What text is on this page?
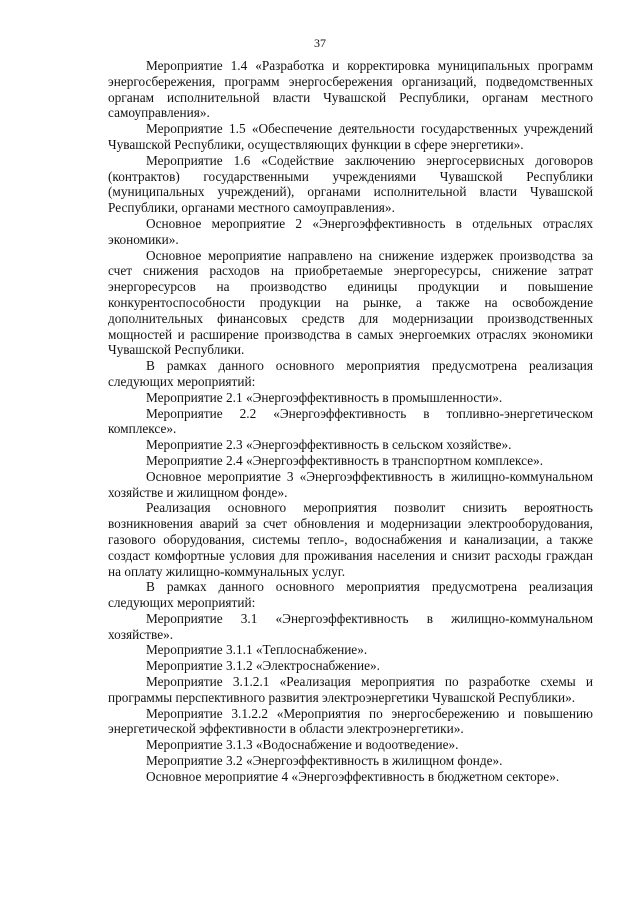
37

Мероприятие 1.4 «Разработка и корректировка муниципальных программ энергосбережения, программ энергосбережения организаций, подведомственных органам исполнительной власти Чувашской Республики, органам местного самоуправления».

Мероприятие 1.5 «Обеспечение деятельности государственных учреждений Чувашской Республики, осуществляющих функции в сфере энергетики».

Мероприятие 1.6 «Содействие заключению энергосервисных договоров (контрактов) государственными учреждениями Чувашской Республики (муниципальных учреждений), органами исполнительной власти Чувашской Республики, органами местного самоуправления».

Основное мероприятие 2 «Энергоэффективность в отдельных отраслях экономики».

Основное мероприятие направлено на снижение издержек производства за счет снижения расходов на приобретаемые энергоресурсы, снижение затрат энергоресурсов на производство единицы продукции и повышение конкурентоспособности продукции на рынке, а также на освобождение дополнительных финансовых средств для модернизации производственных мощностей и расширение производства в самых энергоемких отраслях экономики Чувашской Республики.

В рамках данного основного мероприятия предусмотрена реализация следующих мероприятий:

Мероприятие 2.1 «Энергоэффективность в промышленности».

Мероприятие 2.2 «Энергоэффективность в топливно-энергетическом комплексе».

Мероприятие 2.3 «Энергоэффективность в сельском хозяйстве».

Мероприятие 2.4 «Энергоэффективность в транспортном комплексе».

Основное мероприятие 3 «Энергоэффективность в жилищно-коммунальном хозяйстве и жилищном фонде».

Реализация основного мероприятия позволит снизить вероятность возникновения аварий за счет обновления и модернизации электрооборудования, газового оборудования, системы тепло-, водоснабжения и канализации, а также создаст комфортные условия для проживания населения и снизит расходы граждан на оплату жилищно-коммунальных услуг.

В рамках данного основного мероприятия предусмотрена реализация следующих мероприятий:

Мероприятие 3.1 «Энергоэффективность в жилищно-коммунальном хозяйстве».

Мероприятие 3.1.1 «Теплоснабжение».

Мероприятие 3.1.2 «Электроснабжение».

Мероприятие 3.1.2.1 «Реализация мероприятия по разработке схемы и программы перспективного развития электроэнергетики Чувашской Республики».

Мероприятие 3.1.2.2 «Мероприятия по энергосбережению и повышению энергетической эффективности в области электроэнергетики».

Мероприятие 3.1.3 «Водоснабжение и водоотведение».

Мероприятие 3.2 «Энергоэффективность в жилищном фонде».

Основное мероприятие 4 «Энергоэффективность в бюджетном секторе».
